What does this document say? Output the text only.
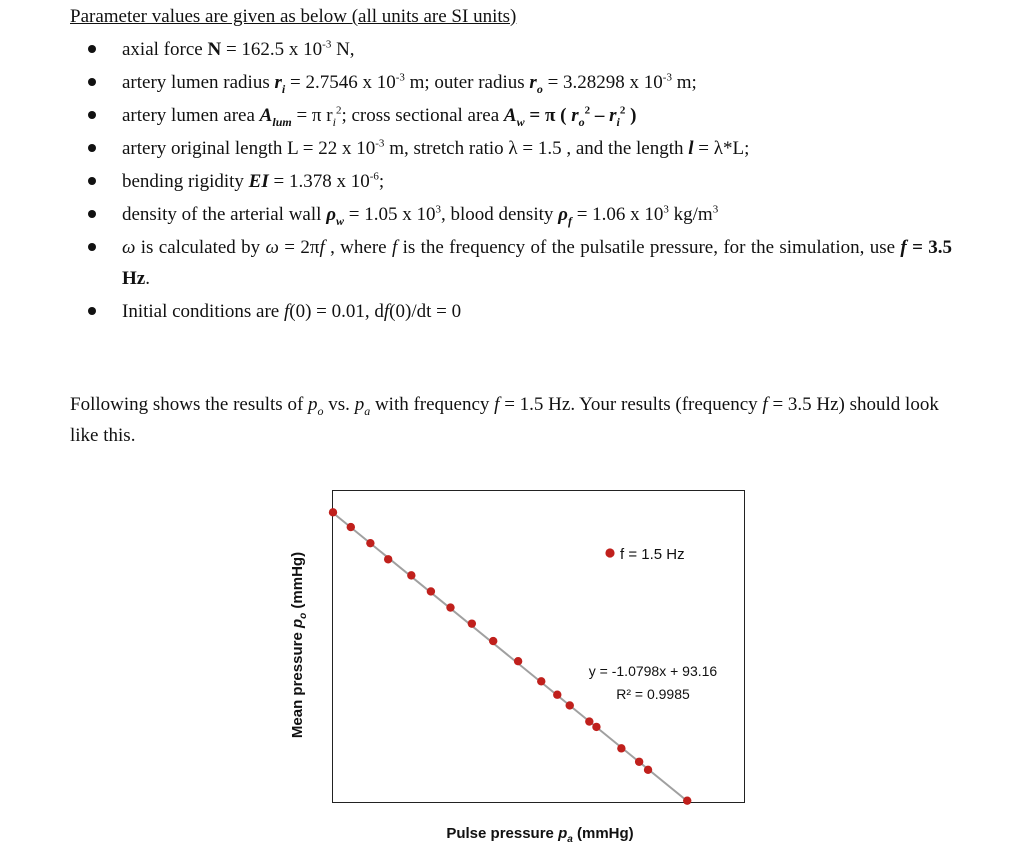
Parameter values are given as below (all units are SI units)
axial force N = 162.5 x $10^{-3}$ N,
artery lumen radius $r_i = 2.7546$ x $10^{-3}$ m; outer radius $r_o = 3.28298$ x $10^{-3}$ m;
artery lumen area $A_{lum} = \pi$ $r_i^2$; cross sectional area $A_w = \pi$ ( $r_o^2 - r_i^2$ )
artery original length L = 22 x $10^{-3}$ m, stretch ratio λ = 1.5 , and the length l = λ*L;
bending rigidity EI = 1.378 x $10^{-6}$;
density of the arterial wall $\rho_w = 1.05$ x $10^3$, blood density $\rho_f = 1.06$ x $10^3$ $kg/m^3$
ω is calculated by ω = 2πf , where f is the frequency of the pulsatile pressure, for the simulation, use f = 3.5 Hz.
Initial conditions are f(0) = 0.01, df(0)/dt = 0
Following shows the results of $p_o$ vs. $p_a$ with frequency f = 1.5 Hz. Your results (frequency f = 3.5 Hz) should look like this.
f = 1.5 Hz
y = -1.0798x + 93.16
R² = 0.9985
Pulse pressure $p_a$ (mmHg)
Mean pressure $p_o$ (mmHg)
